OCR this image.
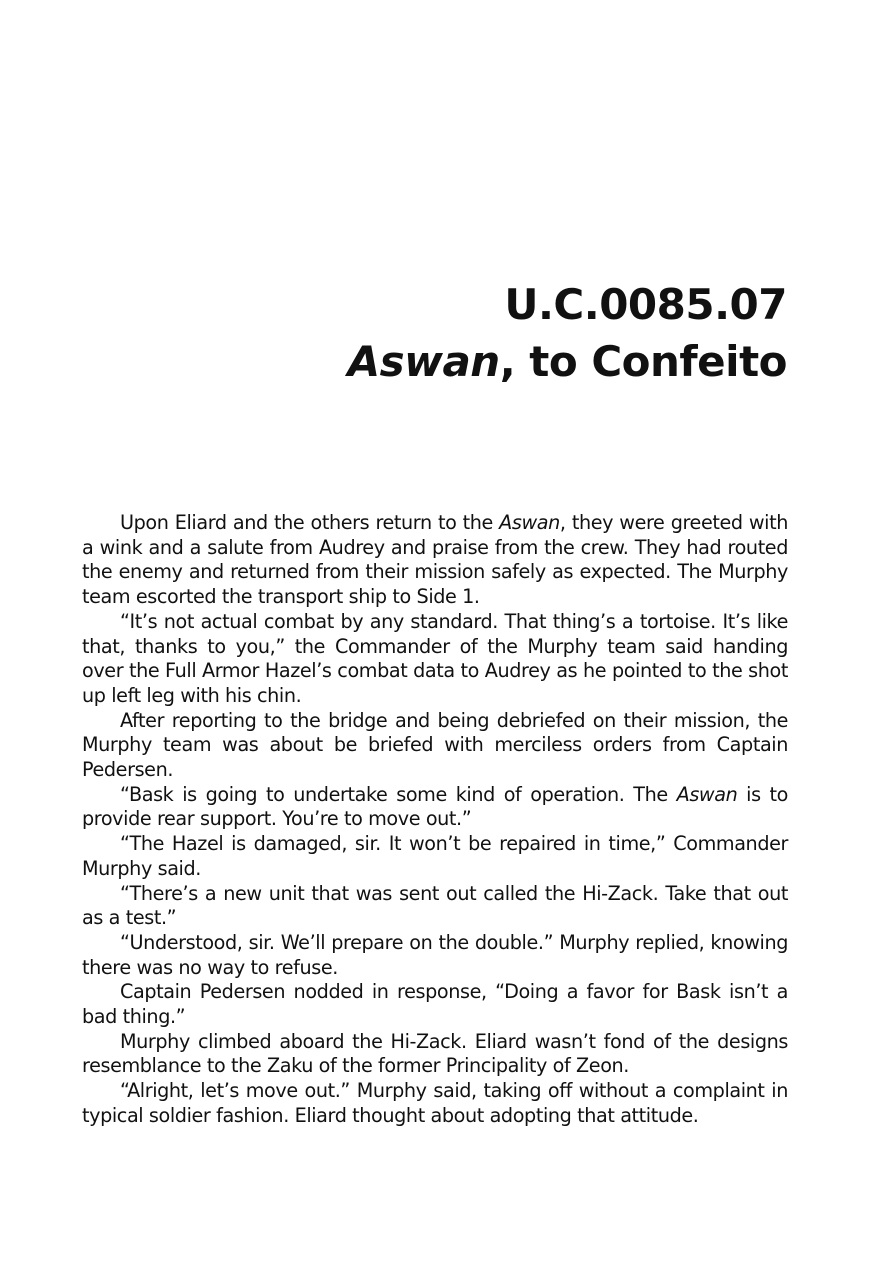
U.C.0085.07
Aswan, to Confeito

Upon Eliard and the others return to the Aswan, they were greeted with a wink and a salute from Audrey and praise from the crew. They had routed the enemy and returned from their mission safely as expected. The Murphy team escorted the transport ship to Side 1.

“It’s not actual combat by any standard. That thing’s a tortoise. It’s like that, thanks to you,” the Commander of the Murphy team said handing over the Full Armor Hazel’s combat data to Audrey as he pointed to the shot up left leg with his chin.

After reporting to the bridge and being debriefed on their mission, the Murphy team was about be briefed with merciless orders from Captain Pedersen.

“Bask is going to undertake some kind of operation. The Aswan is to provide rear support. You’re to move out.”

“The Hazel is damaged, sir. It won’t be repaired in time,” Commander Murphy said.

“There’s a new unit that was sent out called the Hi-Zack. Take that out as a test.”

“Understood, sir. We’ll prepare on the double.” Murphy replied, knowing there was no way to refuse.

Captain Pedersen nodded in response, “Doing a favor for Bask isn’t a bad thing.”

Murphy climbed aboard the Hi-Zack. Eliard wasn’t fond of the designs resemblance to the Zaku of the former Principality of Zeon.

“Alright, let’s move out.” Murphy said, taking off without a complaint in typical soldier fashion. Eliard thought about adopting that attitude.
